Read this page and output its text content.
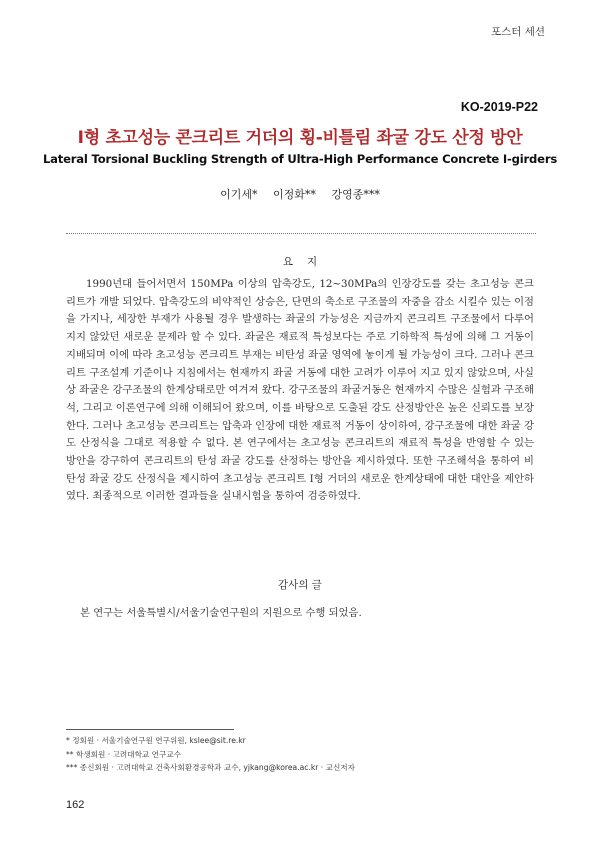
포스터 세션
KO-2019-P22
I형 초고성능 콘크리트 거더의 횡-비틀림 좌굴 강도 산정 방안
Lateral Torsional Buckling Strength of Ultra-High Performance Concrete I-girders
이기세* 이정화** 강영종***
요지

1990년대 들어서면서 150MPa 이상의 압축강도, 12~30MPa의 인장강도를 갖는 초고성능 콘크리트가 개발 되었다. 압축강도의 비약적인 상승은, 단면의 축소로 구조물의 자중을 감소 시킬수 있는 이점을 가지나, 세장한 부재가 사용될 경우 발생하는 좌굴의 가능성은 지금까지 콘크리트 구조물에서 다루어지지 않았던 새로운 문제라 할 수 있다. 좌굴은 재료적 특성보다는 주로 기하학적 특성에 의해 그 거동이 지배되며 이에 따라 초고성능 콘크리트 부재는 비탄성 좌굴 영역에 놓이게 될 가능성이 크다. 그러나 콘크리트 구조설계 기준이나 지침에서는 현재까지 좌굴 거동에 대한 고려가 이루어 지고 있지 않았으며, 사실상 좌굴은 강구조물의 한계상태로만 여겨져 왔다. 강구조물의 좌굴거동은 현재까지 수많은 실험과 구조해석, 그리고 이론연구에 의해 이해되어 왔으며, 이를 바탕으로 도출된 강도 산정방안은 높은 신뢰도를 보장한다. 그러나 초고성능 콘크리트는 압축과 인장에 대한 재료적 거동이 상이하여, 강구조물에 대한 좌굴 강도 산정식을 그대로 적용할 수 없다. 본 연구에서는 초고성능 콘크리트의 재료적 특성을 반영할 수 있는 방안을 강구하여 콘크리트의 탄성 좌굴 강도를 산정하는 방안을 제시하였다. 또한 구조해석을 통하여 비탄성 좌굴 강도 산정식을 제시하여 초고성능 콘크리트 I형 거더의 새로운 한계상태에 대한 대안을 제안하였다. 최종적으로 이러한 결과들을 실내시험을 통하여 검증하였다.

감사의 글

본 연구는 서울특별시/서울기술연구원의 지원으로 수행 되었음.

* 정회원 · 서울기술연구원 연구위원, kslee@sit.re.kr
** 학생회원 · 고려대학교 연구교수
*** 종신회원 · 고려대학교 건축사회환경공학과 교수, yjkang@korea.ac.kr · 교신저자
162
